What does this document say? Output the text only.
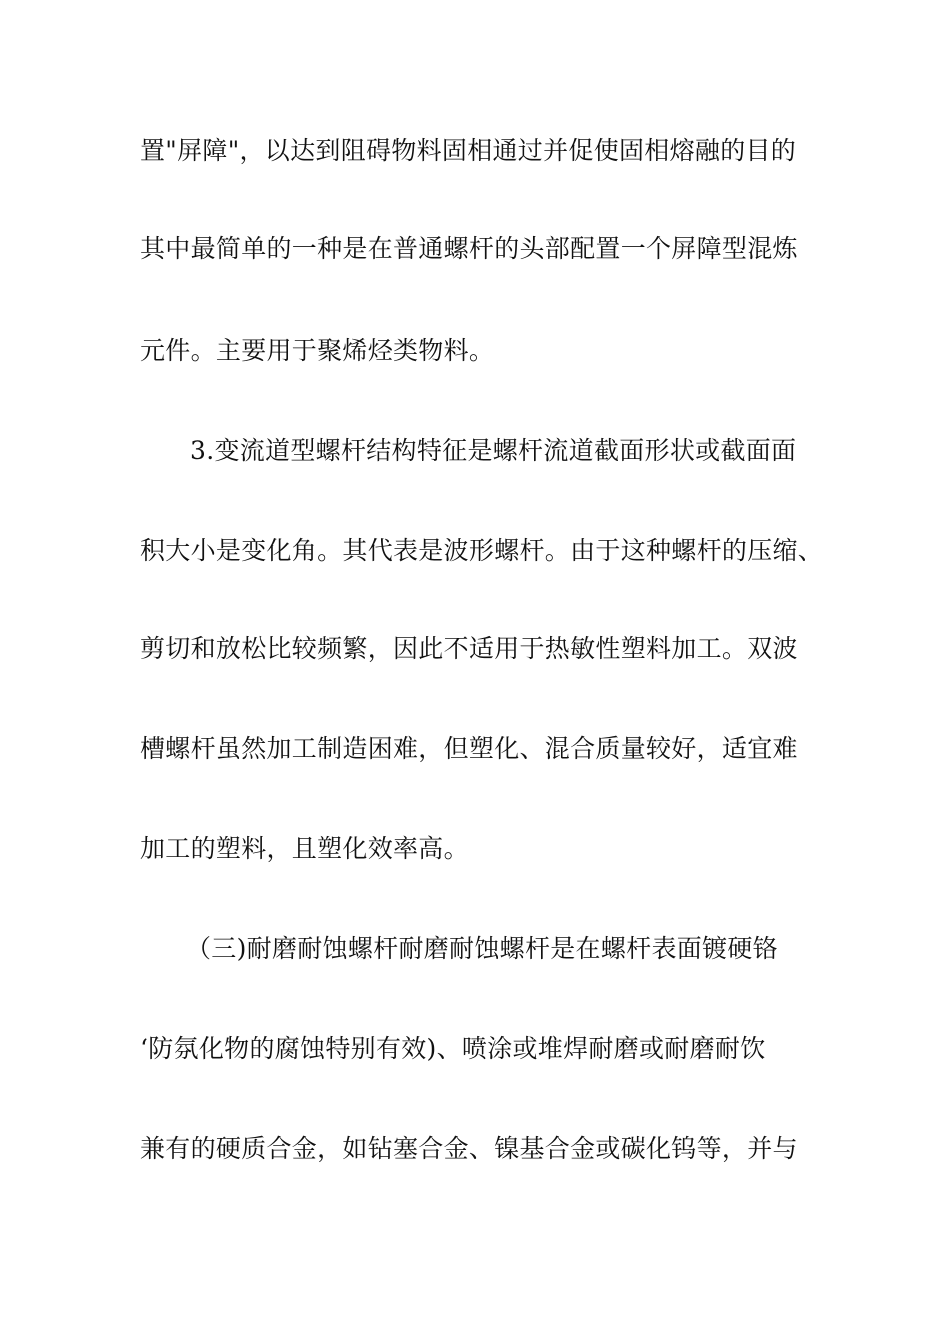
置"屏障"，以达到阻碍物料固相通过并促使固相熔融的目的
其中最简单的一种是在普通螺杆的头部配置一个屏障型混炼
元件。主要用于聚烯烃类物料。
3.变流道型螺杆结构特征是螺杆流道截面形状或截面面
积大小是变化角。其代表是波形螺杆。由于这种螺杆的压缩、
剪切和放松比较频繁，因此不适用于热敏性塑料加工。双波
槽螺杆虽然加工制造困难，但塑化、混合质量较好，适宜难
加工的塑料，且塑化效率高。
（三)耐磨耐蚀螺杆耐磨耐蚀螺杆是在螺杆表面镀硬铬
‘防氛化物的腐蚀特别有效)、喷涂或堆焊耐磨或耐磨耐饮
兼有的硬质合金，如钻塞合金、镍基合金或碳化钨等，并与
